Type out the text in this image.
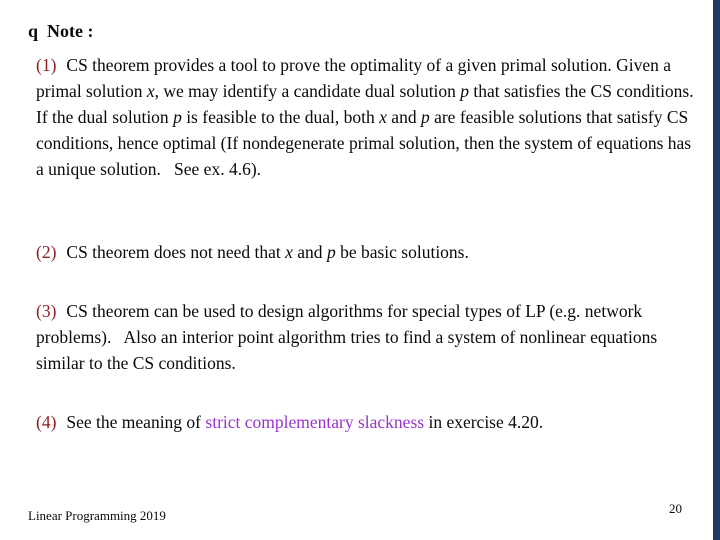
q Note :
(1) CS theorem provides a tool to prove the optimality of a given primal solution. Given a primal solution x, we may identify a candidate dual solution p that satisfies the CS conditions.  If the dual solution p is feasible to the dual, both x and p are feasible solutions that satisfy CS conditions, hence optimal (If nondegenerate primal solution, then the system of equations has a unique solution.   See ex. 4.6).
(2) CS theorem does not need that x and p be basic solutions.
(3) CS theorem can be used to design algorithms for special types of LP (e.g. network problems).   Also an interior point algorithm tries to find a system of nonlinear equations similar to the CS conditions.
(4) See the meaning of strict complementary slackness in exercise 4.20.
Linear Programming 2019	20
